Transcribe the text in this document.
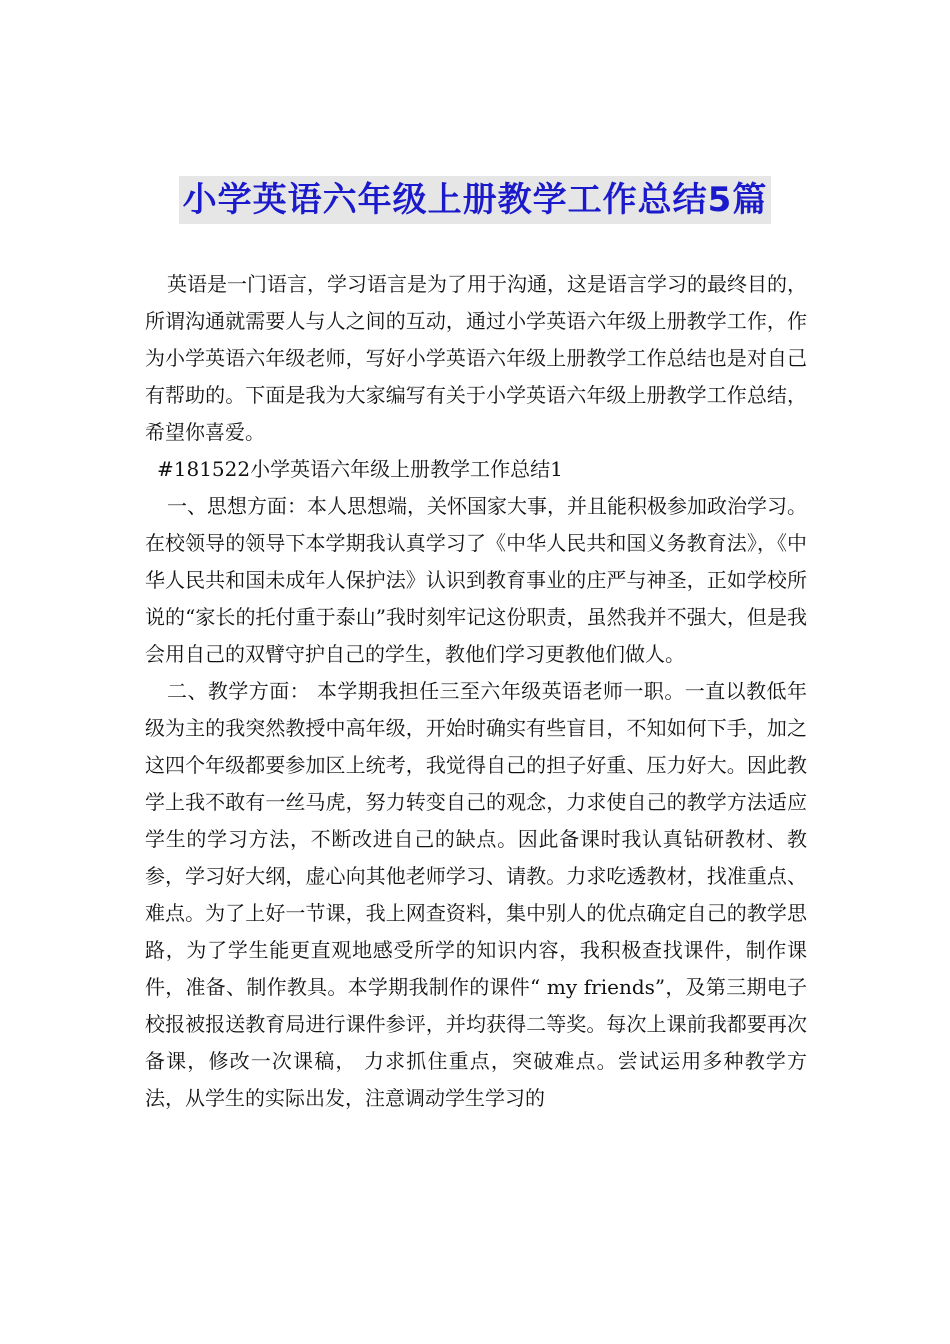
小学英语六年级上册教学工作总结5篇

英语是一门语言，学习语言是为了用于沟通，这是语言学习的最终目的，所谓沟通就需要人与人之间的互动，通过小学英语六年级上册教学工作，作为小学英语六年级老师，写好小学英语六年级上册教学工作总结也是对自己有帮助的。下面是我为大家编写有关于小学英语六年级上册教学工作总结，希望你喜爱。

#181522小学英语六年级上册教学工作总结1

一、思想方面：本人思想端，关怀国家大事，并且能积极参加政治学习。在校领导的领导下本学期我认真学习了《中华人民共和国义务教育法》，《中华人民共和国未成年人保护法》认识到教育事业的庄严与神圣，正如学校所说的“家长的托付重于泰山”我时刻牢记这份职责，虽然我并不强大，但是我会用自己的双臂守护自己的学生，教他们学习更教他们做人。

二、教学方面： 本学期我担任三至六年级英语老师一职。一直以教低年级为主的我突然教授中高年级，开始时确实有些盲目，不知如何下手，加之这四个年级都要参加区上统考，我觉得自己的担子好重、压力好大。因此教学上我不敢有一丝马虎，努力转变自己的观念，力求使自己的教学方法适应学生的学习方法，不断改进自己的缺点。因此备课时我认真钻研教材、教参，学习好大纲，虚心向其他老师学习、请教。力求吃透教材，找准重点、难点。为了上好一节课，我上网查资料，集中别人的优点确定自己的教学思路，为了学生能更直观地感受所学的知识内容，我积极查找课件，制作课件，准备、制作教具。本学期我制作的课件“ my friends”，及第三期电子校报被报送教育局进行课件参评，并均获得二等奖。每次上课前我都要再次备课，修改一次课稿， 力求抓住重点，突破难点。尝试运用多种教学方法，从学生的实际出发，注意调动学生学习的
